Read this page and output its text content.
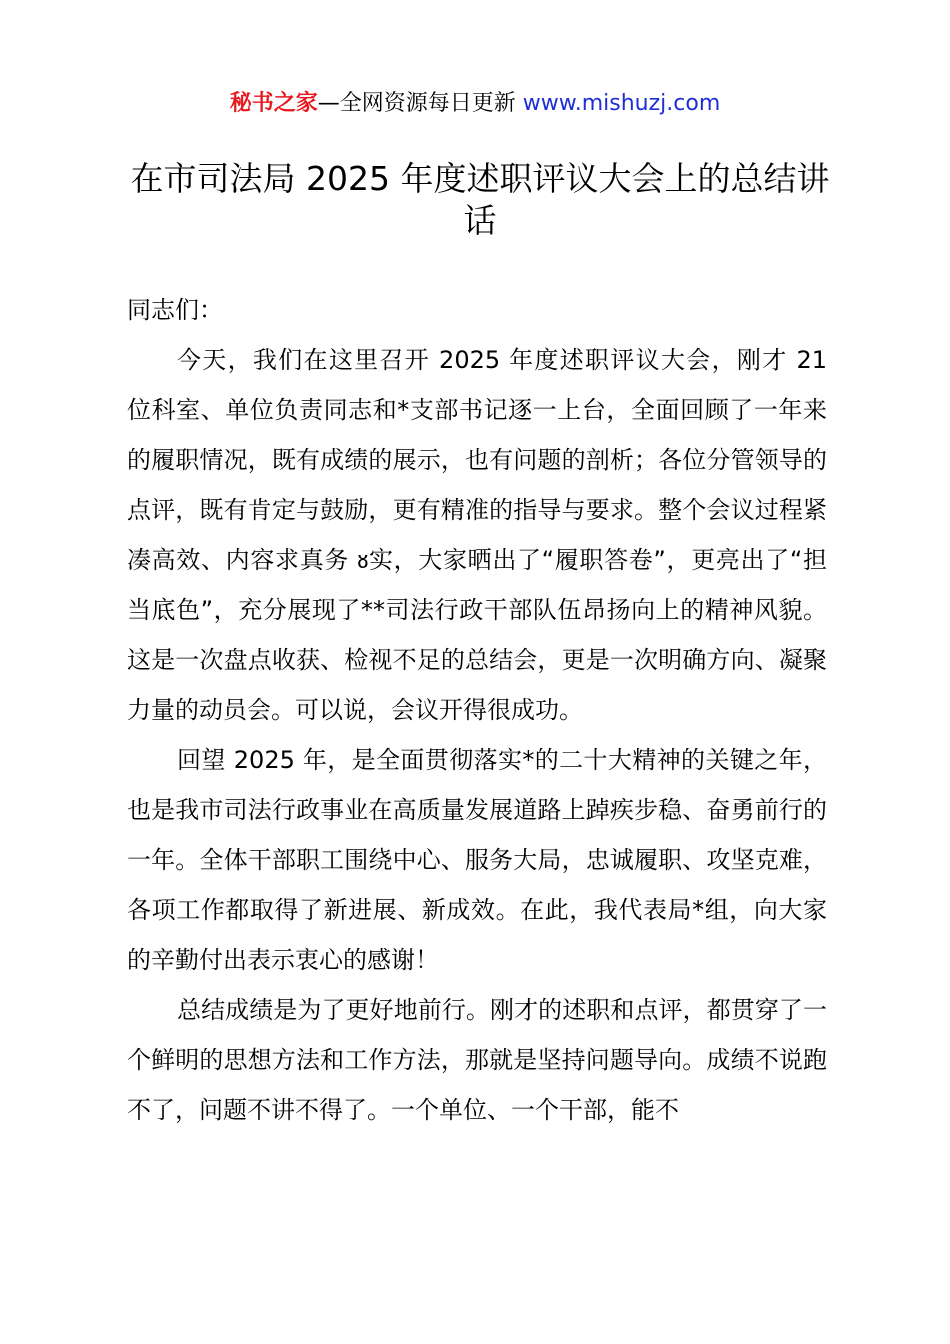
秘书之家—全网资源每日更新 www.mishuzj.com
在市司法局 2025 年度述职评议大会上的总结讲话

同志们：

今天，我们在这里召开 2025 年度述职评议大会，刚才 21 位科室、单位负责同志和*支部书记逐一上台，全面回顾了一年来的履职情况，既有成绩的展示，也有问题的剖析；各位分管领导的点评，既有肯定与鼓励，更有精准的指导与要求。整个会议过程紧凑高效、内容求真务 ᴕ实，大家晒出了“履职答卷”，更亮出了“担当底色”，充分展现了**司法行政干部队伍昂扬向上的精神风貌。这是一次盘点收获、检视不足的总结会，更是一次明确方向、凝聚力量的动员会。可以说，会议开得很成功。

回望 2025 年，是全面贯彻落实*的二十大精神的关键之年，也是我市司法行政事业在高质量发展道路上踔疾步稳、奋勇前行的一年。全体干部职工围绕中心、服务大局，忠诚履职、攻坚克难，各项工作都取得了新进展、新成效。在此，我代表局*组，向大家的辛勤付出表示衷心的感谢！

总结成绩是为了更好地前行。刚才的述职和点评，都贯穿了一个鲜明的思想方法和工作方法，那就是坚持问题导向。成绩不说跑不了，问题不讲不得了。一个单位、一个干部，能不
